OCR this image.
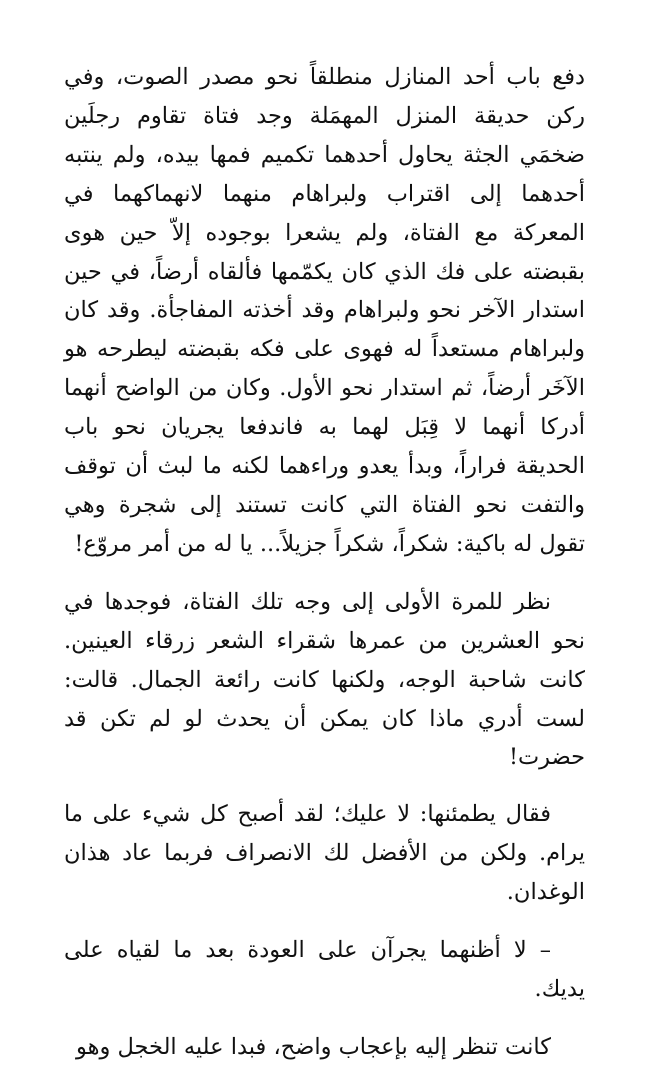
دفع باب أحد المنازل منطلقاً نحو مصدر الصوت، وفي ركن حديقة المنزل المهمَلة وجد فتاة تقاوم رجلَين ضخمَي الجثة يحاول أحدهما تكميم فمها بيده، ولم ينتبه أحدهما إلى اقتراب ولبراهام منهما لانهماكهما في المعركة مع الفتاة، ولم يشعرا بوجوده إلاّ حين هوى بقبضته على فك الذي كان يكمّمها فألقاه أرضاً، في حين استدار الآخر نحو ولبراهام وقد أخذته المفاجأة. وقد كان ولبراهام مستعداً له فهوى على فكه بقبضته ليطرحه هو الآخَر أرضاً، ثم استدار نحو الأول. وكان من الواضح أنهما أدركا أنهما لا قِبَل لهما به فاندفعا يجريان نحو باب الحديقة فراراً، وبدأ يعدو وراءهما لكنه ما لبث أن توقف والتفت نحو الفتاة التي كانت تستند إلى شجرة وهي تقول له باكية: شكراً، شكراً جزيلاً... يا له من أمر مروّع!

نظر للمرة الأولى إلى وجه تلك الفتاة، فوجدها في نحو العشرين من عمرها شقراء الشعر زرقاء العينين. كانت شاحبة الوجه، ولكنها كانت رائعة الجمال. قالت: لست أدري ماذا كان يمكن أن يحدث لو لم تكن قد حضرت!

فقال يطمئنها: لا عليك؛ لقد أصبح كل شيء على ما يرام. ولكن من الأفضل لك الانصراف فربما عاد هذان الوغدان.

– لا أظنهما يجرآن على العودة بعد ما لقياه على يديك.

كانت تنظر إليه بإعجاب واضح، فبدا عليه الخجل وهو
